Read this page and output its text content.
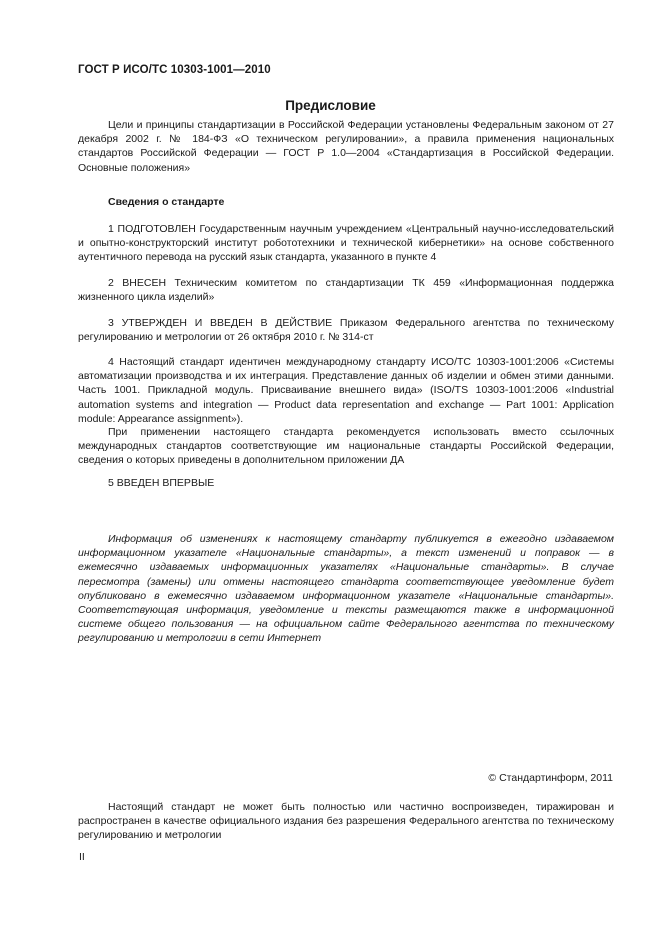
ГОСТ Р ИСО/ТС 10303-1001—2010
Предисловие

Цели и принципы стандартизации в Российской Федерации установлены Федеральным законом от 27 декабря 2002 г. № 184-ФЗ «О техническом регулировании», а правила применения национальных стандартов Российской Федерации — ГОСТ Р 1.0—2004 «Стандартизация в Российской Федерации. Основные положения»

Сведения о стандарте

1 ПОДГОТОВЛЕН Государственным научным учреждением «Центральный научно-исследовательский и опытно-конструкторский институт робототехники и технической кибернетики» на основе собственного аутентичного перевода на русский язык стандарта, указанного в пункте 4

2 ВНЕСЕН Техническим комитетом по стандартизации ТК 459 «Информационная поддержка жизненного цикла изделий»

3 УТВЕРЖДЕН И ВВЕДЕН В ДЕЙСТВИЕ Приказом Федерального агентства по техническому регулированию и метрологии от 26 октября 2010 г. № 314-ст

4 Настоящий стандарт идентичен международному стандарту ИСО/ТС 10303-1001:2006 «Системы автоматизации производства и их интеграция. Представление данных об изделии и обмен этими данными. Часть 1001. Прикладной модуль. Присваивание внешнего вида» (ISO/TS 10303-1001:2006 «Industrial automation systems and integration — Product data representation and exchange — Part 1001: Application module: Appearance assignment»).

При применении настоящего стандарта рекомендуется использовать вместо ссылочных международных стандартов соответствующие им национальные стандарты Российской Федерации, сведения о которых приведены в дополнительном приложении ДА

5 ВВЕДЕН ВПЕРВЫЕ

Информация об изменениях к настоящему стандарту публикуется в ежегодно издаваемом информационном указателе «Национальные стандарты», а текст изменений и поправок — в ежемесячно издаваемых информационных указателях «Национальные стандарты». В случае пересмотра (замены) или отмены настоящего стандарта соответствующее уведомление будет опубликовано в ежемесячно издаваемом информационном указателе «Национальные стандарты». Соответствующая информация, уведомление и тексты размещаются также в информационной системе общего пользования — на официальном сайте Федерального агентства по техническому регулированию и метрологии в сети Интернет

© Стандартинформ, 2011

Настоящий стандарт не может быть полностью или частично воспроизведен, тиражирован и распространен в качестве официального издания без разрешения Федерального агентства по техническому регулированию и метрологии

II
